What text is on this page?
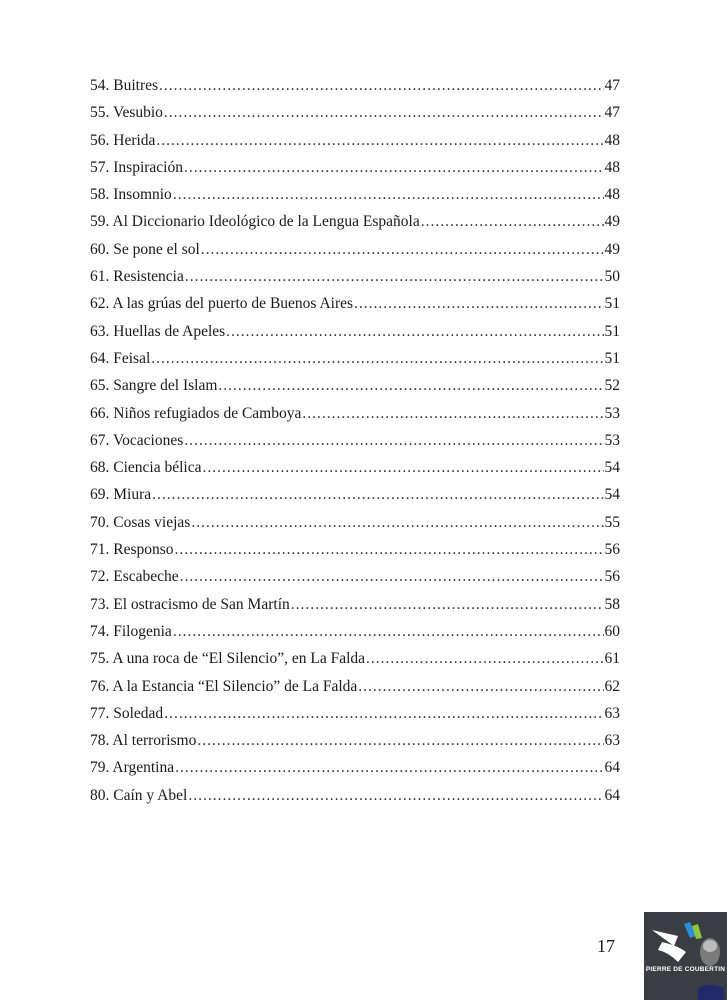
54. Buitres .....	47
55. Vesubio .....	47
56. Herida .....	48
57. Inspiración .....	48
58. Insomnio .....	48
59. Al Diccionario Ideológico de la Lengua Española .....	49
60. Se pone el sol .....	49
61. Resistencia .....	50
62. A las grúas del puerto de Buenos Aires .....	51
63. Huellas de Apeles .....	51
64. Feisal .....	51
65. Sangre del Islam .....	52
66. Niños refugiados de Camboya .....	53
67. Vocaciones .....	53
68. Ciencia bélica .....	54
69. Miura .....	54
70. Cosas viejas .....	55
71. Responso .....	56
72. Escabeche .....	56
73. El ostracismo de San Martín .....	58
74. Filogenia .....	60
75. A una roca de “El Silencio”, en La Falda .....	61
76. A la Estancia “El Silencio” de La Falda .....	62
77. Soledad .....	63
78. Al terrorismo .....	63
79. Argentina .....	64
80. Caín y Abel .....	64
17
PIERRE DE COUBERTIN
